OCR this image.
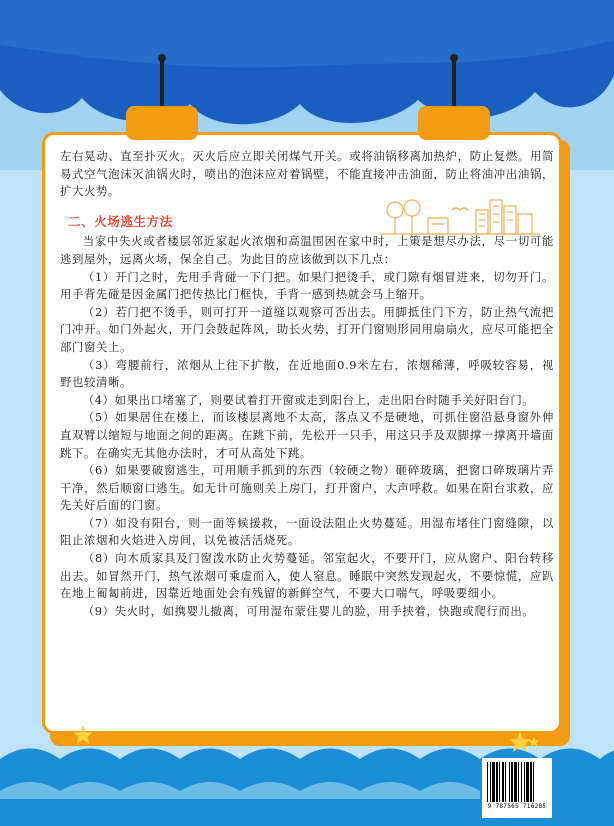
左右晃动、直至扑灭火。灭火后应立即关闭煤气开关。或将油锅移离加热炉，防止复燃。用简易式空气泡沫灭油锅火时，喷出的泡沫应对着锅壁，不能直接冲击油面，防止将油冲出油锅，扩大火势。

二、火场逃生方法

当家中失火或者楼层邻近家起火浓烟和高温围困在家中时，上策是想尽办法，尽一切可能逃到屋外，远离火场，保全自己。为此目的应该做到以下几点：

（1）开门之时，先用手背碰一下门把。如果门把烫手，或门隙有烟冒进来，切勿开门。用手背先碰是因金属门把传热比门框快，手背一感到热就会马上缩开。

（2）若门把不烫手，则可打开一道缝以观察可否出去。用脚抵住门下方，防止热气流把门冲开。如门外起火，开门会鼓起阵风，助长火势，打开门窗则形同用扇扇火，应尽可能把全部门窗关上。

（3）弯腰前行，浓烟从上往下扩散，在近地面0.9米左右，浓烟稀薄，呼吸较容易，视野也较清晰。

（4）如果出口堵塞了，则要试着打开窗或走到阳台上，走出阳台时随手关好阳台门。

（5）如果居住在楼上，而该楼层离地不太高，落点又不是硬地，可抓住窗沿悬身窗外伸直双臂以缩短与地面之间的距离。在跳下前，先松开一只手，用这只手及双脚撑一撑离开墙面跳下。在确实无其他办法时，才可从高处下跳。

（6）如果要破窗逃生，可用顺手抓到的东西（较硬之物）砸碎玻璃，把窗口碎玻璃片弄干净，然后顺窗口逃生。如无计可施则关上房门，打开窗户，大声呼救。如果在阳台求救，应先关好后面的门窗。

（7）如没有阳台，则一面等候援救，一面设法阻止火势蔓延。用湿布堵住门窗缝隙，以阻止浓烟和火焰进入房间，以免被活活烧死。

（8）向木质家具及门窗泼水防止火势蔓延。邻室起火，不要开门，应从窗户、阳台转移出去。如冒然开门，热气浓烟可乘虚而入，使人窒息。睡眠中突然发现起火，不要惊慌，应趴在地上匍匐前进，因靠近地面处会有残留的新鲜空气，不要大口喘气，呼吸要细小。

（9）失火时，如携婴儿撤离，可用湿布蒙住婴儿的脸，用手挟着，快跑或爬行而出。

9 787565 716285
